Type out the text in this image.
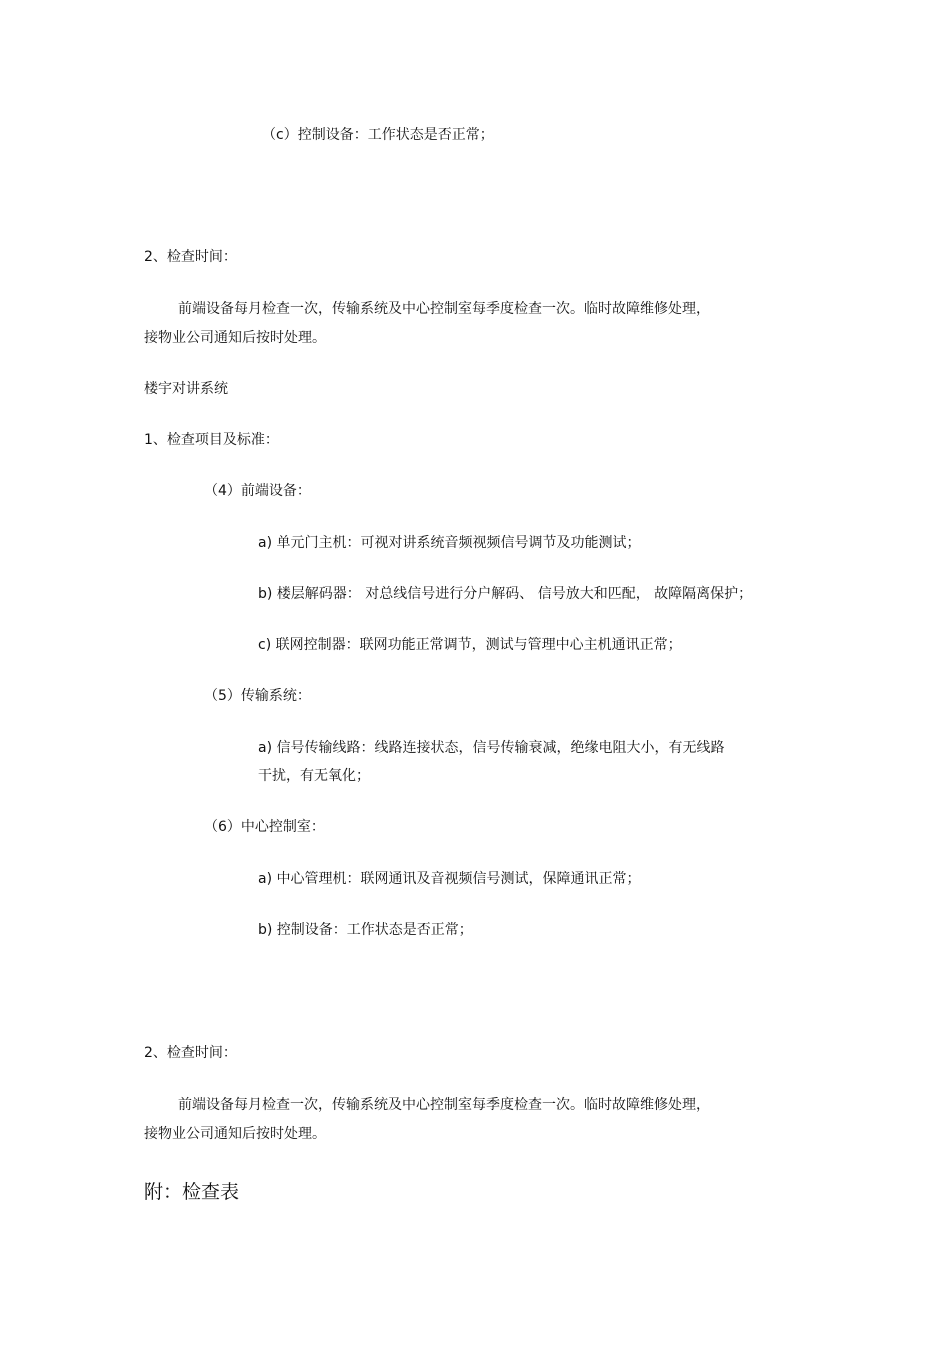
（c）控制设备：工作状态是否正常；
2、检查时间：
前端设备每月检查一次，传输系统及中心控制室每季度检查一次。临时故障维修处理，
接物业公司通知后按时处理。
楼宇对讲系统
1、检查项目及标准：
（4）前端设备：
a) 单元门主机：可视对讲系统音频视频信号调节及功能测试；
b) 楼层解码器： 对总线信号进行分户解码、 信号放大和匹配， 故障隔离保护；
c) 联网控制器：联网功能正常调节，测试与管理中心主机通讯正常；
（5）传输系统：
a) 信号传输线路：线路连接状态，信号传输衰减，绝缘电阻大小，有无线路
干扰，有无氧化；
（6）中心控制室：
a) 中心管理机：联网通讯及音视频信号测试，保障通讯正常；
b) 控制设备：工作状态是否正常；
2、检查时间：
前端设备每月检查一次，传输系统及中心控制室每季度检查一次。临时故障维修处理，
接物业公司通知后按时处理。
附：检查表
